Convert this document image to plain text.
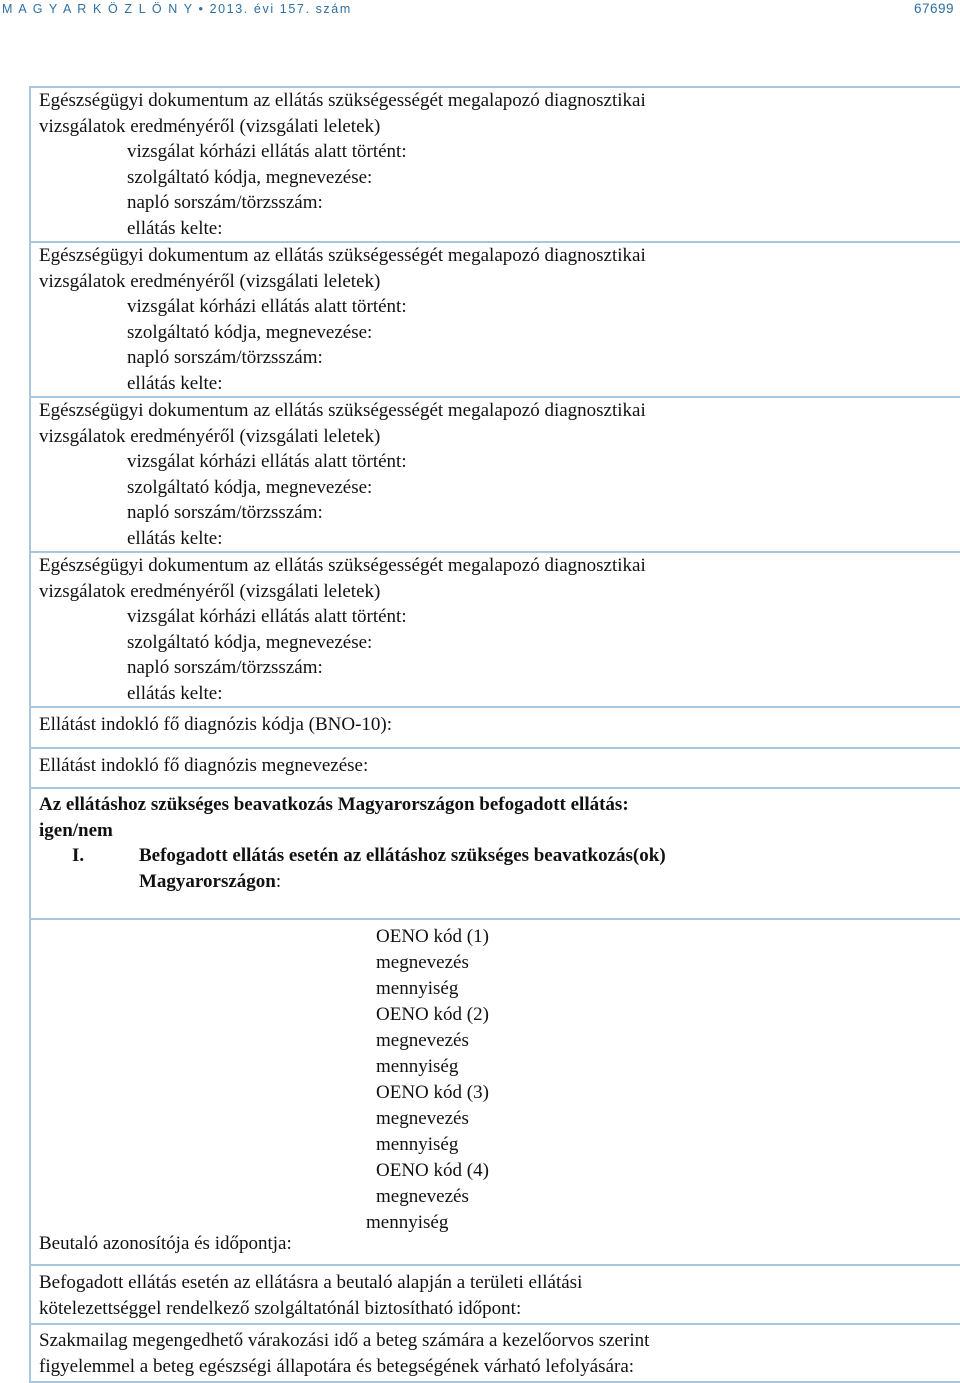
M A G Y A R K Ö Z L Ö N Y • 2013. évi 157. szám	67699
Egészségügyi dokumentum az ellátás szükségességét megalapozó diagnosztikai
vizsgálatok eredményéről (vizsgálati leletek)
vizsgálat kórházi ellátás alatt történt:
szolgáltató kódja, megnevezése:
napló sorszám/törzsszám:
ellátás kelte:
Egészségügyi dokumentum az ellátás szükségességét megalapozó diagnosztikai
vizsgálatok eredményéről (vizsgálati leletek)
vizsgálat kórházi ellátás alatt történt:
szolgáltató kódja, megnevezése:
napló sorszám/törzsszám:
ellátás kelte:
Egészségügyi dokumentum az ellátás szükségességét megalapozó diagnosztikai
vizsgálatok eredményéről (vizsgálati leletek)
vizsgálat kórházi ellátás alatt történt:
szolgáltató kódja, megnevezése:
napló sorszám/törzsszám:
ellátás kelte:
Egészségügyi dokumentum az ellátás szükségességét megalapozó diagnosztikai
vizsgálatok eredményéről (vizsgálati leletek)
vizsgálat kórházi ellátás alatt történt:
szolgáltató kódja, megnevezése:
napló sorszám/törzsszám:
ellátás kelte:
Ellátást indokló fő diagnózis kódja (BNO-10):
Ellátást indokló fő diagnózis megnevezése:
Az ellátáshoz szükséges beavatkozás Magyarországon befogadott ellátás:
igen/nem
I.	Befogadott ellátás esetén az ellátáshoz szükséges beavatkozás(ok)
Magyarországon:
OENO kód (1)
megnevezés
mennyiség
OENO kód (2)
megnevezés
mennyiség
OENO kód (3)
megnevezés
mennyiség
OENO kód (4)
megnevezés
mennyiség
Beutaló azonosítója és időpontja:
Befogadott ellátás esetén az ellátásra a beutaló alapján a területi ellátási
kötelezettséggel rendelkező szolgáltatónál biztosítható időpont:
Szakmailag megengedhető várakozási idő a beteg számára a kezelőorvos szerint
figyelemmel a beteg egészségi állapotára és betegségének várható lefolyására:
